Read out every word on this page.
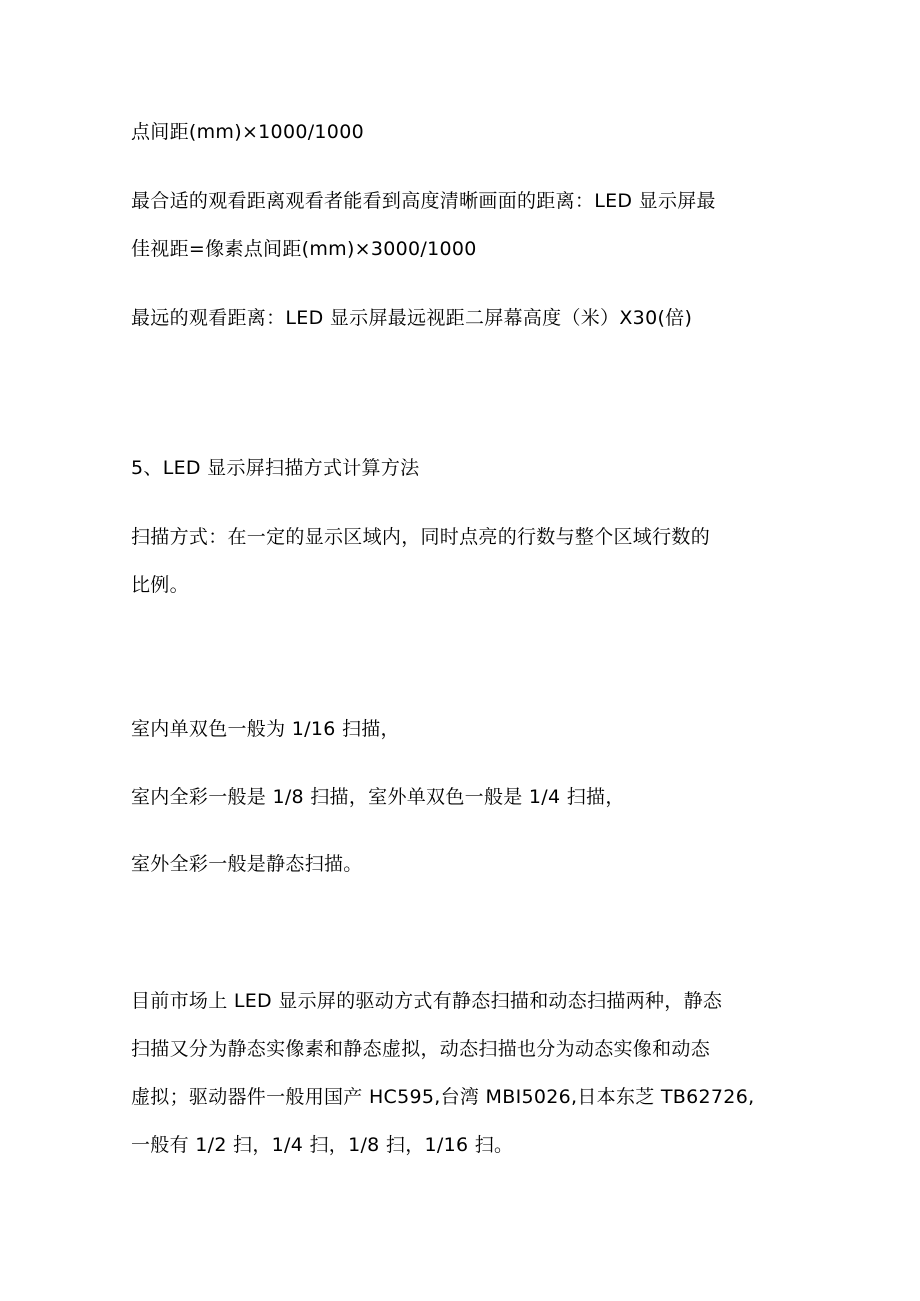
点间距(mm)×1000/1000

最合适的观看距离观看者能看到高度清晰画面的距离：LED 显示屏最

佳视距=像素点间距(mm)×3000/1000

最远的观看距离：LED 显示屏最远视距二屏幕高度（米）X30(倍)

5、LED 显示屏扫描方式计算方法

扫描方式：在一定的显示区域内，同时点亮的行数与整个区域行数的

比例。

室内单双色一般为 1/16 扫描，

室内全彩一般是 1/8 扫描，室外单双色一般是 1/4 扫描，

室外全彩一般是静态扫描。

目前市场上 LED 显示屏的驱动方式有静态扫描和动态扫描两种，静态

扫描又分为静态实像素和静态虚拟，动态扫描也分为动态实像和动态

虚拟；驱动器件一般用国产 HC595,台湾 MBI5026,日本东芝 TB62726,

一般有 1/2 扫，1/4 扫，1/8 扫，1/16 扫。
